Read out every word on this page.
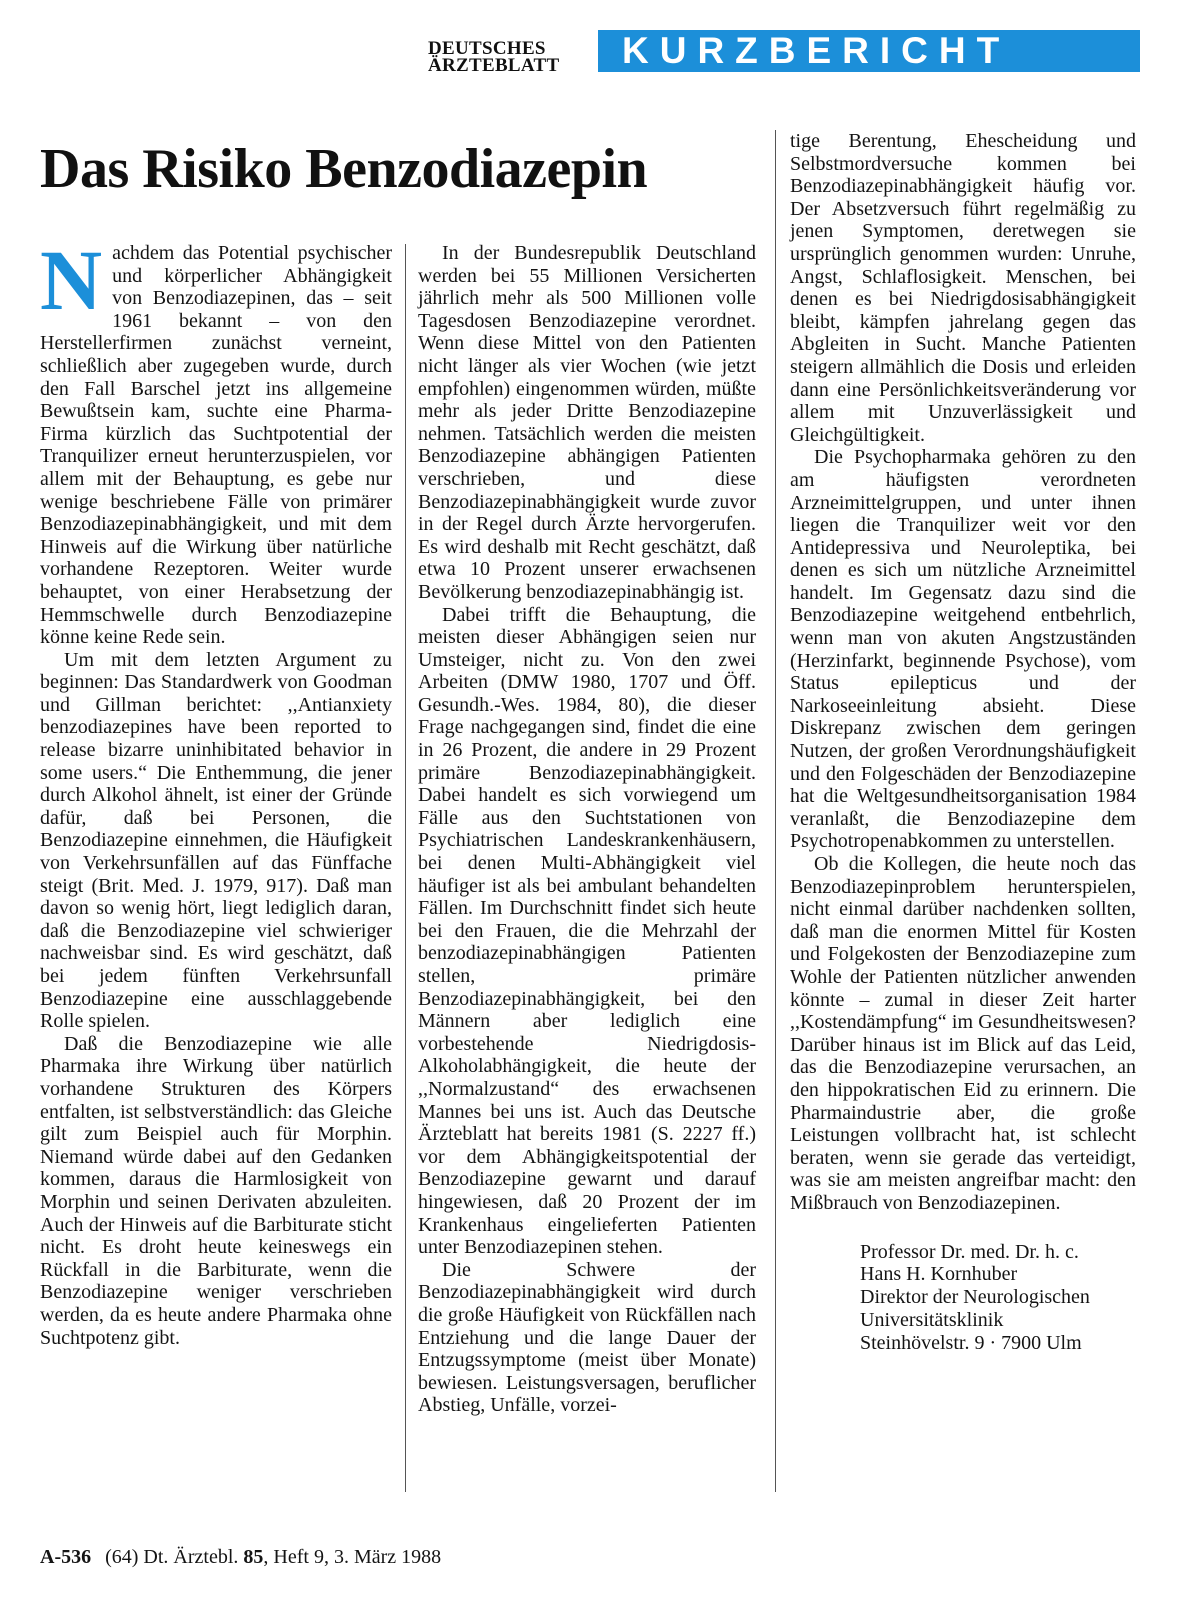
DEUTSCHES
ÄRZTEBLATT	KURZBERICHT
Das Risiko Benzodiazepin

Nachdem das Potential psychischer und körperlicher Abhängigkeit von Benzodiazepinen, das – seit 1961 bekannt – von den Herstellerfirmen zunächst verneint, schließlich aber zugegeben wurde, durch den Fall Barschel jetzt ins allgemeine Bewußtsein kam, suchte eine Pharma-Firma kürzlich das Suchtpotential der Tranquilizer erneut herunterzuspielen, vor allem mit der Behauptung, es gebe nur wenige beschriebene Fälle von primärer Benzodiazepinabhängigkeit, und mit dem Hinweis auf die Wirkung über natürliche vorhandene Rezeptoren. Weiter wurde behauptet, von einer Herabsetzung der Hemmschwelle durch Benzodiazepine könne keine Rede sein.

Um mit dem letzten Argument zu beginnen: Das Standardwerk von Goodman und Gillman berichtet: ,,Antianxiety benzodiazepines have been reported to release bizarre uninhibitated behavior in some users.“ Die Enthemmung, die jener durch Alkohol ähnelt, ist einer der Gründe dafür, daß bei Personen, die Benzodiazepine einnehmen, die Häufigkeit von Verkehrsunfällen auf das Fünffache steigt (Brit. Med. J. 1979, 917). Daß man davon so wenig hört, liegt lediglich daran, daß die Benzodiazepine viel schwieriger nachweisbar sind. Es wird geschätzt, daß bei jedem fünften Verkehrsunfall Benzodiazepine eine ausschlaggebende Rolle spielen.

Daß die Benzodiazepine wie alle Pharmaka ihre Wirkung über natürlich vorhandene Strukturen des Körpers entfalten, ist selbstverständlich: das Gleiche gilt zum Beispiel auch für Morphin. Niemand würde dabei auf den Gedanken kommen, daraus die Harmlosigkeit von Morphin und seinen Derivaten abzuleiten. Auch der Hinweis auf die Barbiturate sticht nicht. Es droht heute keineswegs ein Rückfall in die Barbiturate, wenn die Benzodiazepine weniger verschrieben werden, da es heute andere Pharmaka ohne Suchtpotenz gibt.

In der Bundesrepublik Deutschland werden bei 55 Millionen Versicherten jährlich mehr als 500 Millionen volle Tagesdosen Benzodiazepine verordnet. Wenn diese Mittel von den Patienten nicht länger als vier Wochen (wie jetzt empfohlen) eingenommen würden, müßte mehr als jeder Dritte Benzodiazepine nehmen. Tatsächlich werden die meisten Benzodiazepine abhängigen Patienten verschrieben, und diese Benzodiazepinabhängigkeit wurde zuvor in der Regel durch Ärzte hervorgerufen. Es wird deshalb mit Recht geschätzt, daß etwa 10 Prozent unserer erwachsenen Bevölkerung benzodiazepinabhängig ist.

Dabei trifft die Behauptung, die meisten dieser Abhängigen seien nur Umsteiger, nicht zu. Von den zwei Arbeiten (DMW 1980, 1707 und Öff. Gesundh.-Wes. 1984, 80), die dieser Frage nachgegangen sind, findet die eine in 26 Prozent, die andere in 29 Prozent primäre Benzodiazepinabhängigkeit. Dabei handelt es sich vorwiegend um Fälle aus den Suchtstationen von Psychiatrischen Landeskrankenhäusern, bei denen Multi-Abhängigkeit viel häufiger ist als bei ambulant behandelten Fällen. Im Durchschnitt findet sich heute bei den Frauen, die die Mehrzahl der benzodiazepinabhängigen Patienten stellen, primäre Benzodiazepinabhängigkeit, bei den Männern aber lediglich eine vorbestehende Niedrigdosis-Alkoholabhängigkeit, die heute der ,,Normalzustand“ des erwachsenen Mannes bei uns ist. Auch das Deutsche Ärzteblatt hat bereits 1981 (S. 2227 ff.) vor dem Abhängigkeitspotential der Benzodiazepine gewarnt und darauf hingewiesen, daß 20 Prozent der im Krankenhaus eingelieferten Patienten unter Benzodiazepinen stehen.

Die Schwere der Benzodiazepinabhängigkeit wird durch die große Häufigkeit von Rückfällen nach Entziehung und die lange Dauer der Entzugssymptome (meist über Monate) bewiesen. Leistungsversagen, beruflicher Abstieg, Unfälle, vorzei-

tige Berentung, Ehescheidung und Selbstmordversuche kommen bei Benzodiazepinabhängigkeit häufig vor. Der Absetzversuch führt regelmäßig zu jenen Symptomen, deretwegen sie ursprünglich genommen wurden: Unruhe, Angst, Schlaflosigkeit. Menschen, bei denen es bei Niedrigdosisabhängigkeit bleibt, kämpfen jahrelang gegen das Abgleiten in Sucht. Manche Patienten steigern allmählich die Dosis und erleiden dann eine Persönlichkeitsveränderung vor allem mit Unzuverlässigkeit und Gleichgültigkeit.

Die Psychopharmaka gehören zu den am häufigsten verordneten Arzneimittelgruppen, und unter ihnen liegen die Tranquilizer weit vor den Antidepressiva und Neuroleptika, bei denen es sich um nützliche Arzneimittel handelt. Im Gegensatz dazu sind die Benzodiazepine weitgehend entbehrlich, wenn man von akuten Angstzuständen (Herzinfarkt, beginnende Psychose), vom Status epilepticus und der Narkoseeinleitung absieht. Diese Diskrepanz zwischen dem geringen Nutzen, der großen Verordnungshäufigkeit und den Folgeschäden der Benzodiazepine hat die Weltgesundheitsorganisation 1984 veranlaßt, die Benzodiazepine dem Psychotropenabkommen zu unterstellen.

Ob die Kollegen, die heute noch das Benzodiazepinproblem herunterspielen, nicht einmal darüber nachdenken sollten, daß man die enormen Mittel für Kosten und Folgekosten der Benzodiazepine zum Wohle der Patienten nützlicher anwenden könnte – zumal in dieser Zeit harter ,,Kostendämpfung“ im Gesundheitswesen? Darüber hinaus ist im Blick auf das Leid, das die Benzodiazepine verursachen, an den hippokratischen Eid zu erinnern. Die Pharmaindustrie aber, die große Leistungen vollbracht hat, ist schlecht beraten, wenn sie gerade das verteidigt, was sie am meisten angreifbar macht: den Mißbrauch von Benzodiazepinen.

Professor Dr. med. Dr. h. c.
Hans H. Kornhuber
Direktor der Neurologischen
Universitätsklinik
Steinhövelstr. 9 · 7900 Ulm
A-536 (64) Dt. Ärztebl. 85, Heft 9, 3. März 1988
